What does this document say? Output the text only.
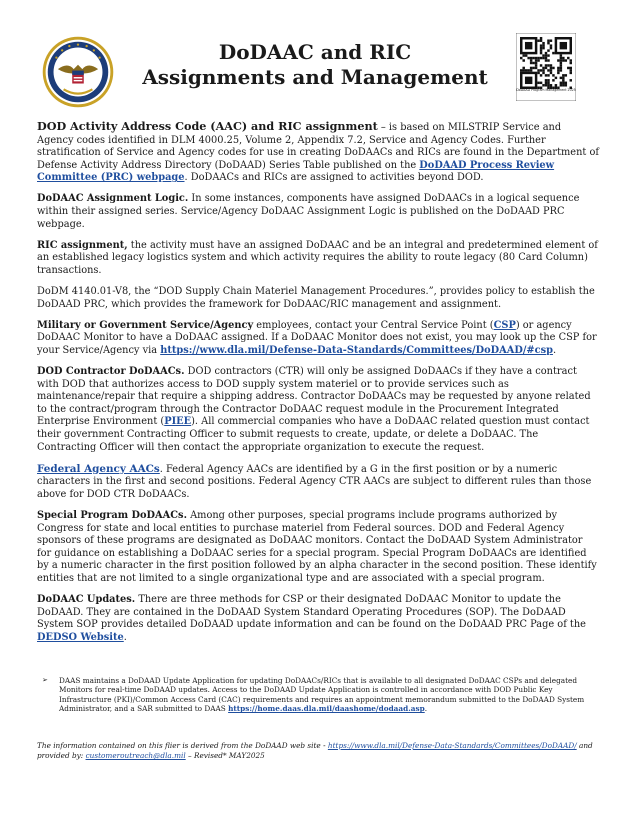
DoDAAC and RIC
Assignments and Management
DoDAAD Program Management 2025

DOD Activity Address Code (AAC) and RIC assignment – is based on MILSTRIP Service and Agency codes identified in DLM 4000.25, Volume 2, Appendix 7.2, Service and Agency Codes. Further stratification of Service and Agency codes for use in creating DoDAACs and RICs are found in the Department of Defense Activity Address Directory (DoDAAD) Series Table published on the DoDAAD Process Review Committee (PRC) webpage. DoDAACs and RICs are assigned to activities beyond DOD.

DoDAAC Assignment Logic. In some instances, components have assigned DoDAACs in a logical sequence within their assigned series. Service/Agency DoDAAC Assignment Logic is published on the DoDAAD PRC webpage.

RIC assignment, the activity must have an assigned DoDAAC and be an integral and predetermined element of an established legacy logistics system and which activity requires the ability to route legacy (80 Card Column) transactions.

DoDM 4140.01-V8, the “DOD Supply Chain Materiel Management Procedures.”, provides policy to establish the DoDAAD PRC, which provides the framework for DoDAAC/RIC management and assignment.

Military or Government Service/Agency employees, contact your Central Service Point (CSP) or agency DoDAAC Monitor to have a DoDAAC assigned. If a DoDAAC Monitor does not exist, you may look up the CSP for your Service/Agency via https://www.dla.mil/Defense-Data-Standards/Committees/DoDAAD/#csp.

DOD Contractor DoDAACs. DOD contractors (CTR) will only be assigned DoDAACs if they have a contract with DOD that authorizes access to DOD supply system materiel or to provide services such as maintenance/repair that require a shipping address. Contractor DoDAACs may be requested by anyone related to the contract/program through the Contractor DoDAAC request module in the Procurement Integrated Enterprise Environment (PIEE). All commercial companies who have a DoDAAC related question must contact their government Contracting Officer to submit requests to create, update, or delete a DoDAAC. The Contracting Officer will then contact the appropriate organization to execute the request.

Federal Agency AACs. Federal Agency AACs are identified by a G in the first position or by a numeric characters in the first and second positions. Federal Agency CTR AACs are subject to different rules than those above for DOD CTR DoDAACs.

Special Program DoDAACs. Among other purposes, special programs include programs authorized by Congress for state and local entities to purchase materiel from Federal sources. DOD and Federal Agency sponsors of these programs are designated as DoDAAC monitors. Contact the DoDAAD System Administrator for guidance on establishing a DoDAAC series for a special program. Special Program DoDAACs are identified by a numeric character in the first position followed by an alpha character in the second position. These identify entities that are not limited to a single organizational type and are associated with a special program.

DoDAAC Updates. There are three methods for CSP or their designated DoDAAC Monitor to update the DoDAAD. They are contained in the DoDAAD System Standard Operating Procedures (SOP). The DoDAAD System SOP provides detailed DoDAAD update information and can be found on the DoDAAD PRC Page of the DEDSO Website.

➢ DAAS maintains a DoDAAD Update Application for updating DoDAACs/RICs that is available to all designated DoDAAC CSPs and delegated Monitors for real-time DoDAAD updates. Access to the DoDAAD Update Application is controlled in accordance with DOD Public Key Infrastructure (PKI)/Common Access Card (CAC) requirements and requires an appointment memorandum submitted to the DoDAAD System Administrator, and a SAR submitted to DAAS https://home.daas.dla.mil/daashome/dodaad.asp.
The information contained on this flier is derived from the DoDAAD web site - https://www.dla.mil/Defense-Data-Standards/Committees/DoDAAD/ and provided by: customeroutreach@dla.mil – Revised* MAY2025
